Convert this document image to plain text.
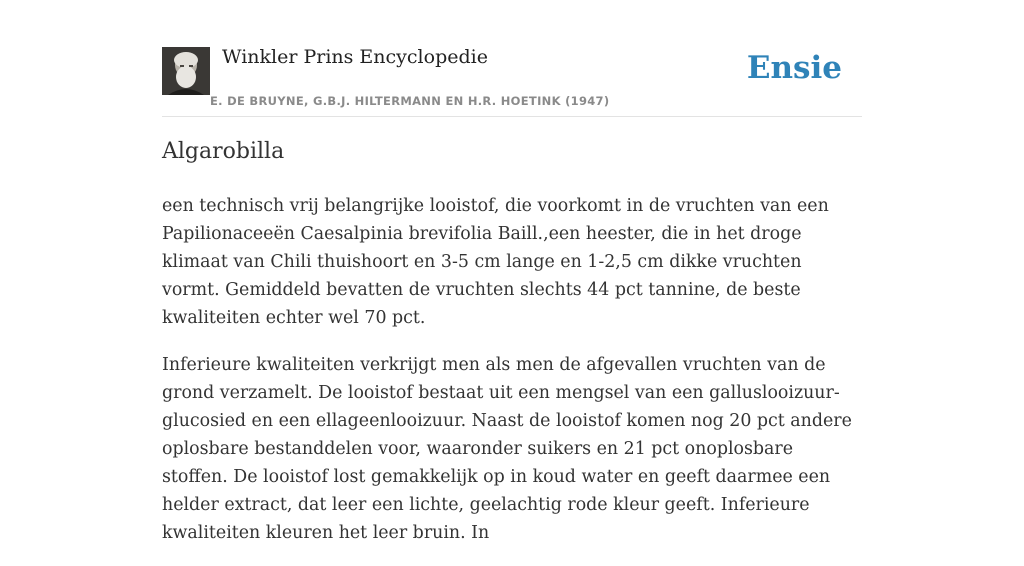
Winkler Prins Encyclopedie
E. DE BRUYNE, G.B.J. HILTERMANN EN H.R. HOETINK (1947)
Ensie
Algarobilla

een technisch vrij belangrijke looistof, die voorkomt in de vruchten van een Papilionaceeën Caesalpinia brevifolia Baill.,een heester, die in het droge klimaat van Chili thuishoort en 3-5 cm lange en 1-2,5 cm dikke vruchten vormt. Gemiddeld bevatten de vruchten slechts 44 pct tannine, de beste kwaliteiten echter wel 70 pct.

Inferieure kwaliteiten verkrijgt men als men de afgevallen vruchten van de grond verzamelt. De looistof bestaat uit een mengsel van een galluslooizuur-glucosied en een ellageenlooizuur. Naast de looistof komen nog 20 pct andere oplosbare bestanddelen voor, waaronder suikers en 21 pct onoplosbare stoffen. De looistof lost gemakkelijk op in koud water en geeft daarmee een helder extract, dat leer een lichte, geelachtig rode kleur geeft. Inferieure kwaliteiten kleuren het leer bruin. In
